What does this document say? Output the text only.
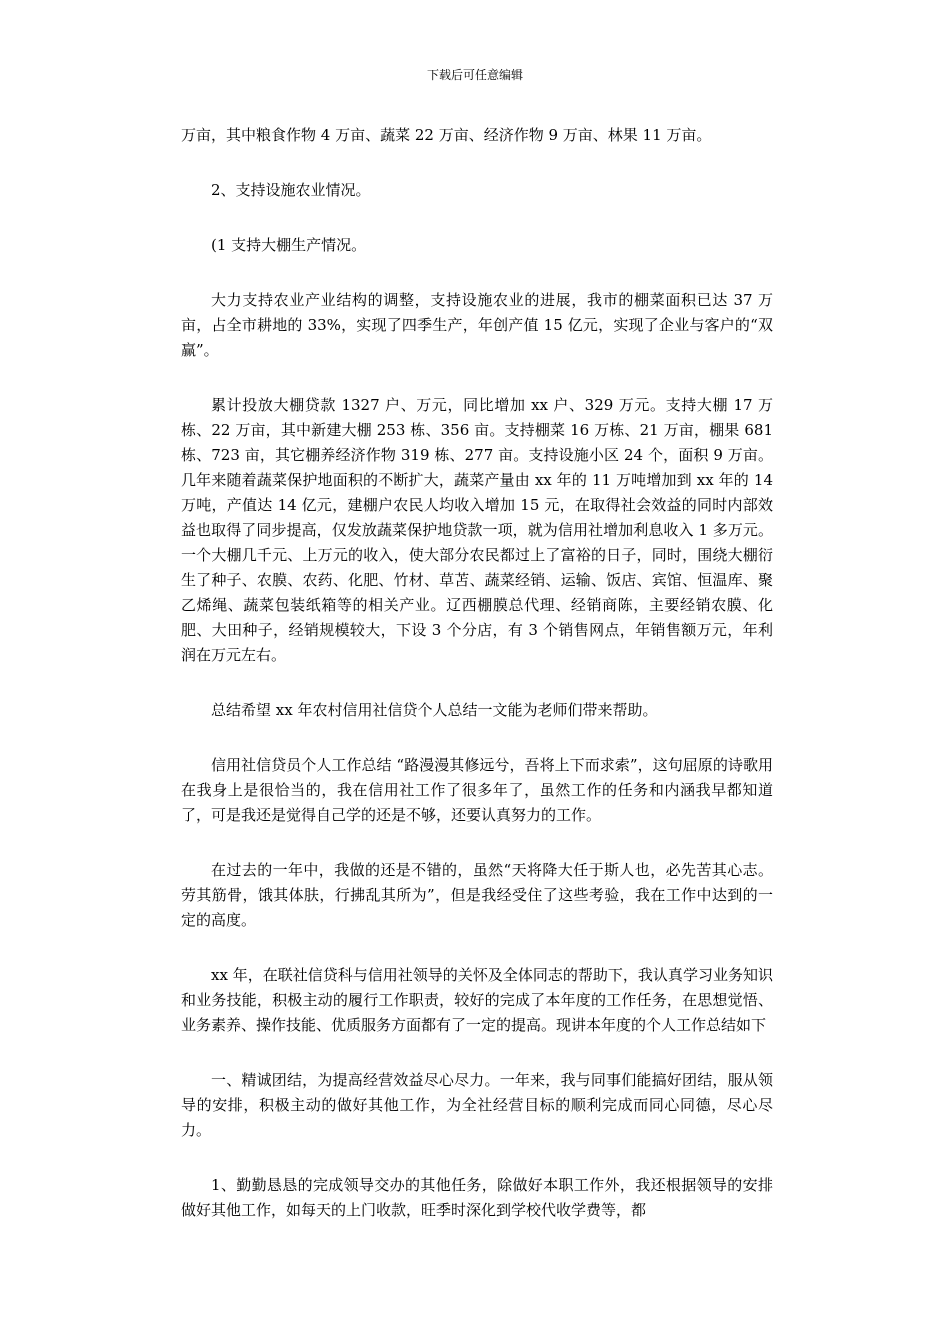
下载后可任意编辑

万亩，其中粮食作物 4 万亩、蔬菜 22 万亩、经济作物 9 万亩、林果 11 万亩。

2、支持设施农业情况。

(1 支持大棚生产情况。

大力支持农业产业结构的调整，支持设施农业的进展，我市的棚菜面积已达 37 万亩，占全市耕地的 33%，实现了四季生产，年创产值 15 亿元，实现了企业与客户的“双赢”。

累计投放大棚贷款 1327 户、万元，同比增加 xx 户、329 万元。支持大棚 17 万栋、22 万亩，其中新建大棚 253 栋、356 亩。支持棚菜 16 万栋、21 万亩，棚果 681 栋、723 亩，其它棚养经济作物 319 栋、277 亩。支持设施小区 24 个，面积 9 万亩。几年来随着蔬菜保护地面积的不断扩大，蔬菜产量由 xx 年的 11 万吨增加到 xx 年的 14 万吨，产值达 14 亿元，建棚户农民人均收入增加 15 元，在取得社会效益的同时内部效益也取得了同步提高，仅发放蔬菜保护地贷款一项，就为信用社增加利息收入 1 多万元。一个大棚几千元、上万元的收入，使大部分农民都过上了富裕的日子，同时，围绕大棚衍生了种子、农膜、农药、化肥、竹材、草苫、蔬菜经销、运输、饭店、宾馆、恒温库、聚乙烯绳、蔬菜包装纸箱等的相关产业。辽西棚膜总代理、经销商陈，主要经销农膜、化肥、大田种子，经销规模较大，下设 3 个分店，有 3 个销售网点，年销售额万元，年利润在万元左右。

总结希望 xx 年农村信用社信贷个人总结一文能为老师们带来帮助。

信用社信贷员个人工作总结 “路漫漫其修远兮，吾将上下而求索”，这句屈原的诗歌用在我身上是很恰当的，我在信用社工作了很多年了，虽然工作的任务和内涵我早都知道了，可是我还是觉得自己学的还是不够，还要认真努力的工作。

在过去的一年中，我做的还是不错的，虽然“天将降大任于斯人也，必先苦其心志。劳其筋骨，饿其体肤，行拂乱其所为”，但是我经受住了这些考验，我在工作中达到的一定的高度。

xx 年，在联社信贷科与信用社领导的关怀及全体同志的帮助下，我认真学习业务知识和业务技能，积极主动的履行工作职责，较好的完成了本年度的工作任务，在思想觉悟、业务素养、操作技能、优质服务方面都有了一定的提高。现讲本年度的个人工作总结如下

一、精诚团结，为提高经营效益尽心尽力。一年来，我与同事们能搞好团结，服从领导的安排，积极主动的做好其他工作，为全社经营目标的顺利完成而同心同德，尽心尽力。

1、勤勤恳恳的完成领导交办的其他任务，除做好本职工作外，我还根据领导的安排做好其他工作，如每天的上门收款，旺季时深化到学校代收学费等，都
